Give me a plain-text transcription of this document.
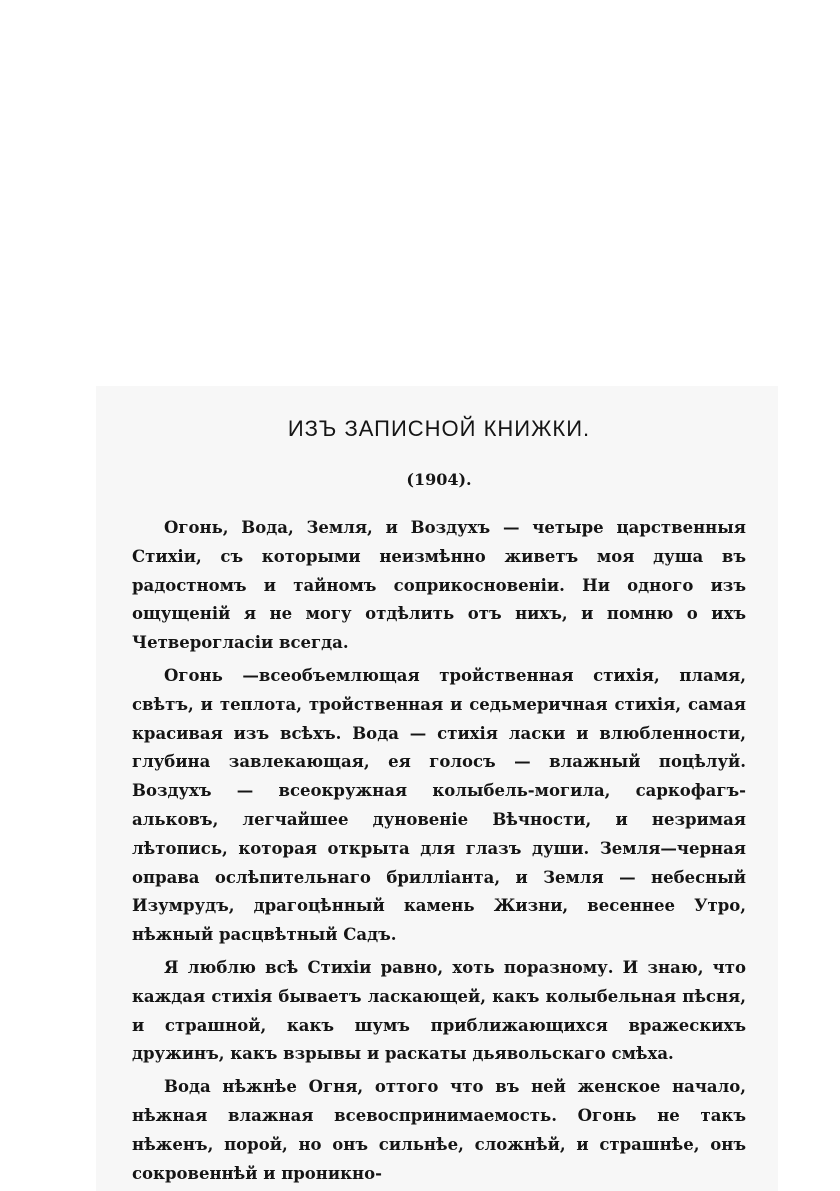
ИЗЪ ЗАПИСНОЙ КНИЖКИ.
(1904).

Огонь, Вода, Земля, и Воздухъ — четыре царственныя Стихiи, съ которыми неизмѣнно живетъ моя душа въ радостномъ и тайномъ соприкосновенiи. Ни одного изъ ощущенiй я не могу отдѣлить отъ нихъ, и помню о ихъ Четверогласiи всегда.

Огонь —всеобъемлющая тройственная стихiя, пламя, свѣтъ, и теплота, тройственная и седьмеричная стихiя, самая красивая изъ всѣхъ. Вода — стихiя ласки и влюбленности, глубина завлекающая, ея голосъ — влажный поцѣлуй. Воздухъ — всеокружная колыбель-могила, саркофагъ-альковъ, легчайшее дуновенiе Вѣчности, и незримая лѣтопись, которая открыта для глазъ души. Земля—черная оправа ослѣпительнаго бриллiанта, и Земля — небесный Изумрудъ, драгоцѣнный камень Жизни, весеннее Утро, нѣжный расцвѣтный Садъ.

Я люблю всѣ Стихiи равно, хоть поразному. И знаю, что каждая стихiя бываетъ ласкающей, какъ колыбельная пѣсня, и страшной, какъ шумъ приближающихся вражескихъ дружинъ, какъ взрывы и раскаты дьявольскаго смѣха.

Вода нѣжнѣе Огня, оттого что въ ней женское начало, нѣжная влажная всевоспринимаемость. Огонь не такъ нѣженъ, порой, но онъ сильнѣе, сложнѣй, и страшнѣе, онъ сокровеннѣй и проникно-
